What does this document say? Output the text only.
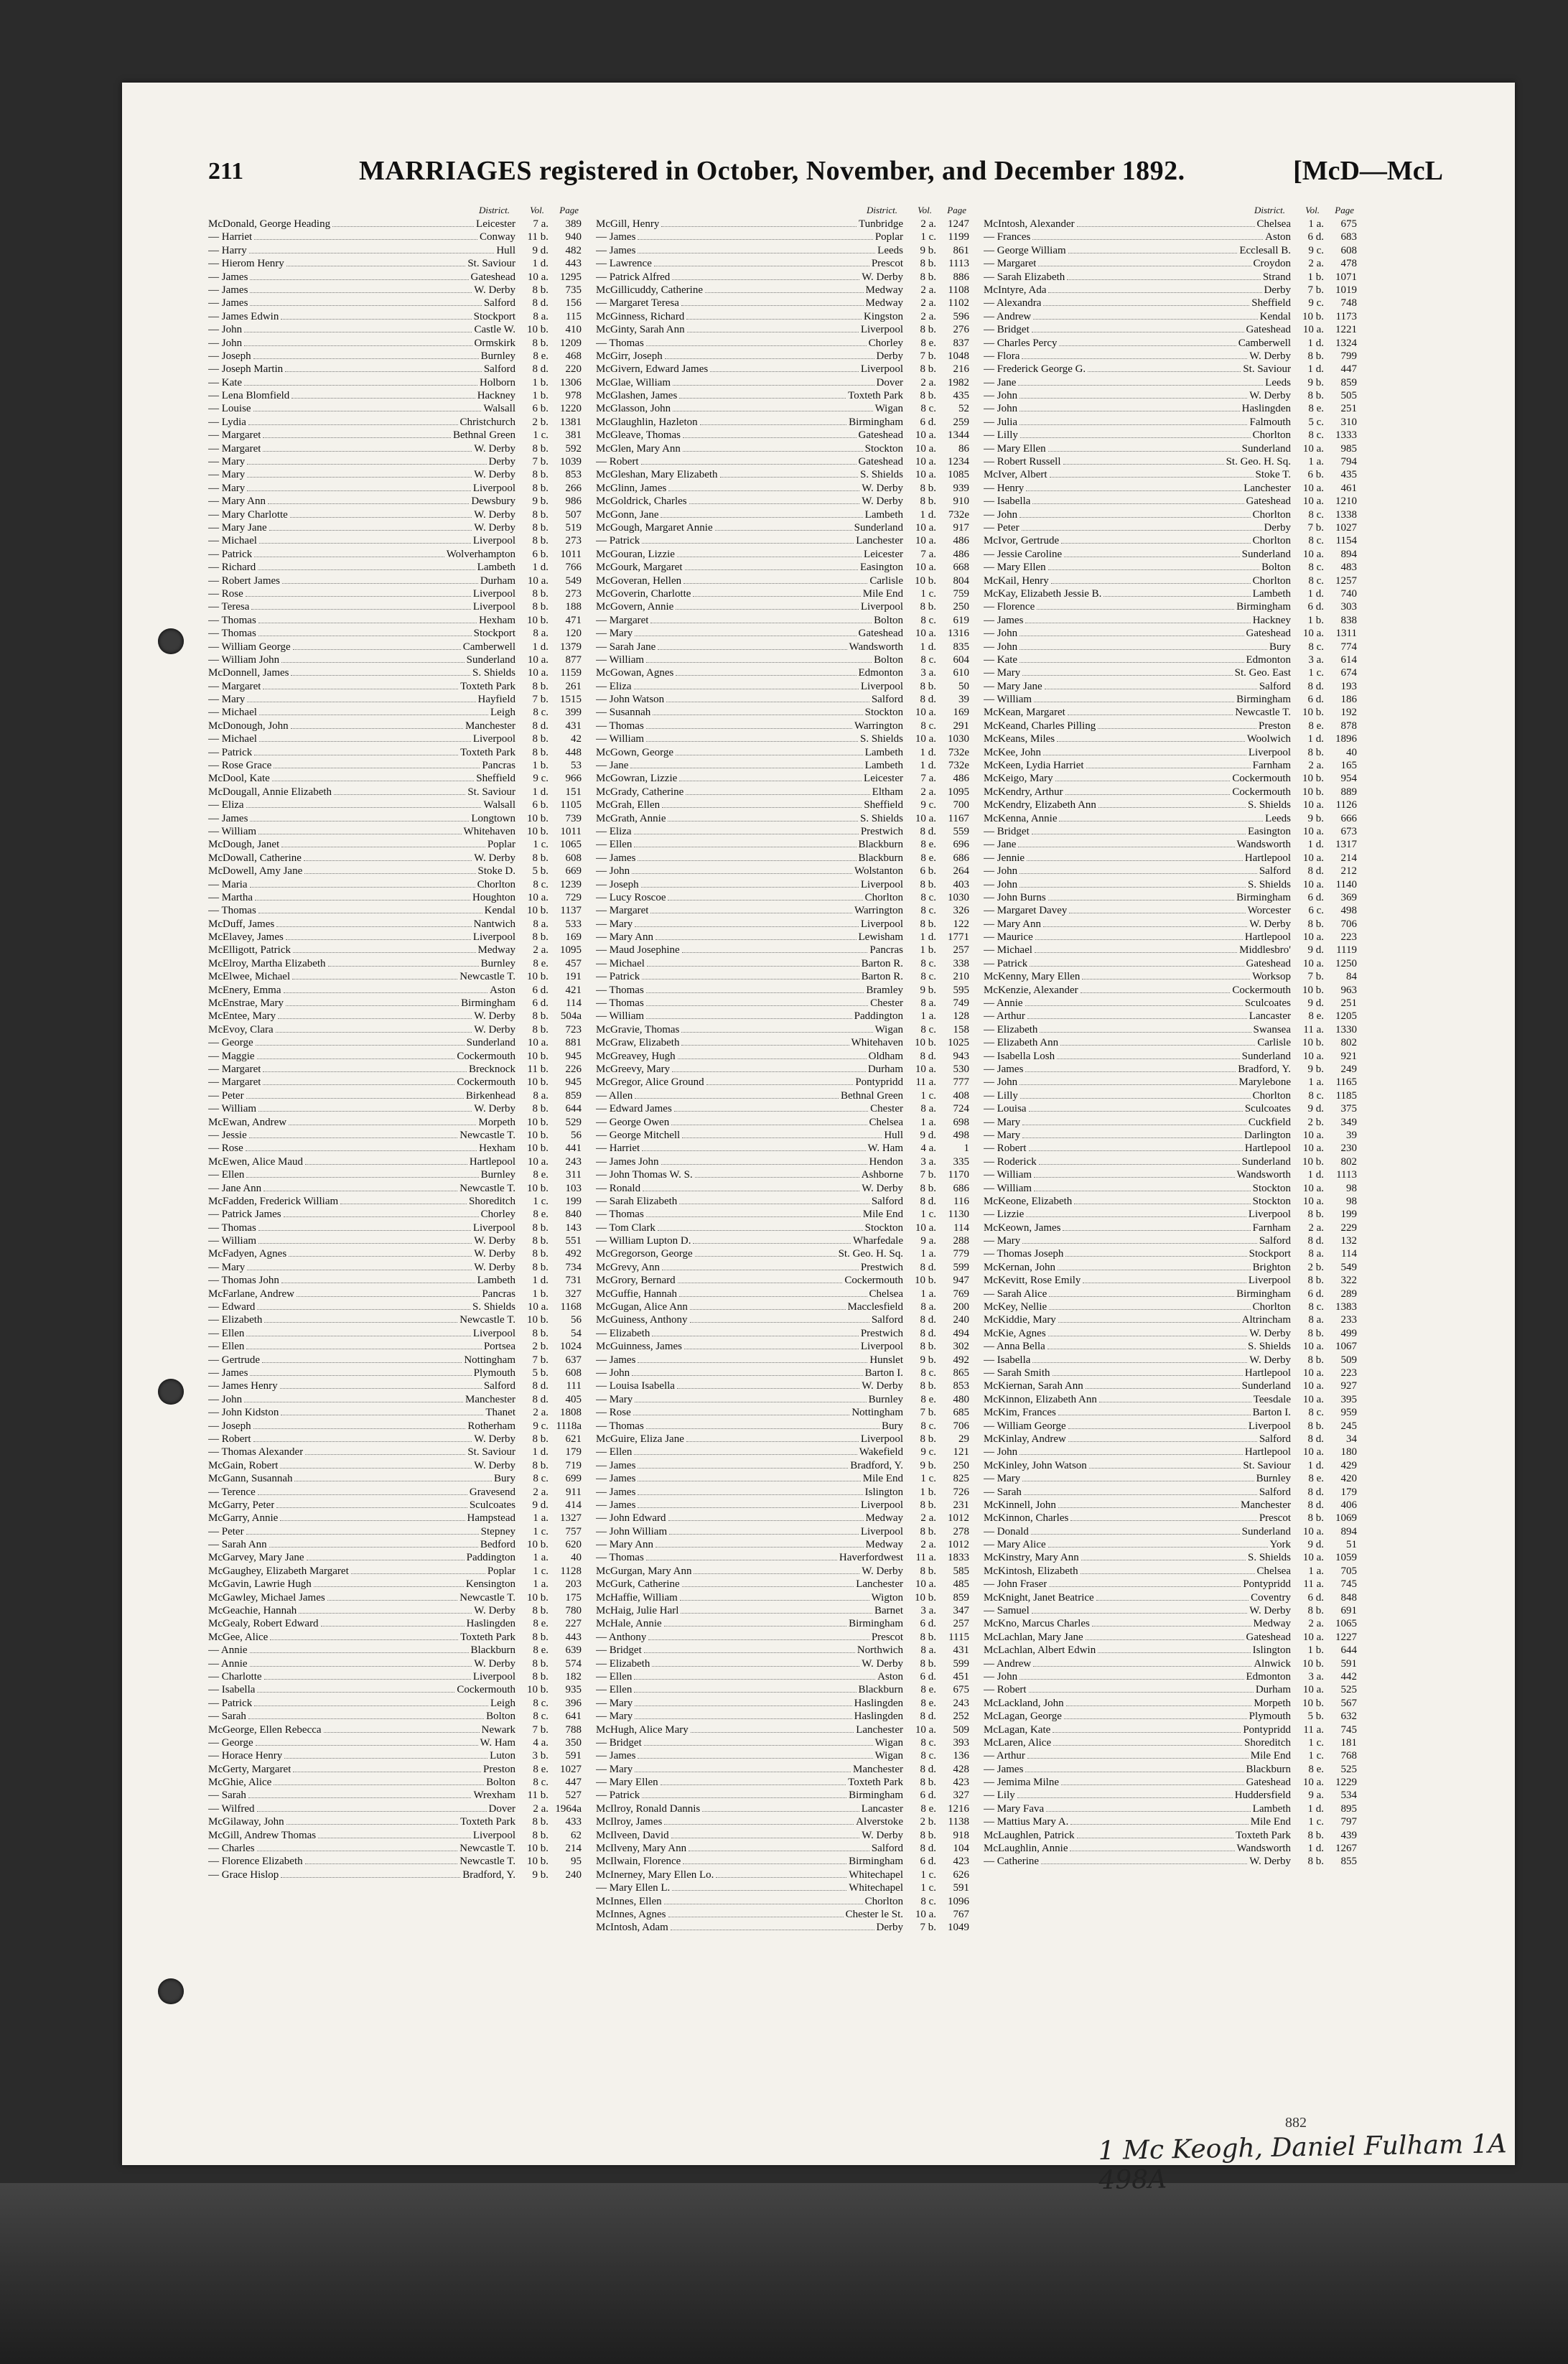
211	MARRIAGES registered in October, November, and December 1892.	[McD—McL
District. Vol. Page
McDonald, George Heading	Leicester	7 a.	389
— Harriet	Conway	11 b.	940
— Harry	Hull	9 d.	482
— Hierom Henry	St. Saviour	1 d.	443
— James	Gateshead	10 a.	1295
— James	W. Derby	8 b.	735
— James	Salford	8 d.	156
— James Edwin	Stockport	8 a.	115
— John	Castle W.	10 b.	410
— John	Ormskirk	8 b.	1209
— Joseph	Burnley	8 e.	468
— Joseph Martin	Salford	8 d.	220
— Kate	Holborn	1 b.	1306
— Lena Blomfield	Hackney	1 b.	978
— Louise	Walsall	6 b.	1220
— Lydia	Christchurch	2 b.	1381
— Margaret	Bethnal Green	1 c.	381
— Margaret	W. Derby	8 b.	592
— Mary	Derby	7 b.	1039
— Mary	W. Derby	8 b.	853
— Mary	Liverpool	8 b.	266
— Mary Ann	Dewsbury	9 b.	986
— Mary Charlotte	W. Derby	8 b.	507
— Mary Jane	W. Derby	8 b.	519
— Michael	Liverpool	8 b.	273
— Patrick	Wolverhampton	6 b.	1011
— Richard	Lambeth	1 d.	766
— Robert James	Durham	10 a.	549
— Rose	Liverpool	8 b.	273
— Teresa	Liverpool	8 b.	188
— Thomas	Hexham	10 b.	471
— Thomas	Stockport	8 a.	120
— William George	Camberwell	1 d.	1379
— William John	Sunderland	10 a.	877
McDonnell, James	S. Shields	10 a.	1159
— Margaret	Toxteth Park	8 b.	261
— Mary	Hayfield	7 b.	1515
— Michael	Leigh	8 c.	399
McDonough, John	Manchester	8 d.	431
— Michael	Liverpool	8 b.	42
— Patrick	Toxteth Park	8 b.	448
— Rose Grace	Pancras	1 b.	53
McDool, Kate	Sheffield	9 c.	966
McDougall, Annie Elizabeth	St. Saviour	1 d.	151
— Eliza	Walsall	6 b.	1105
— James	Longtown	10 b.	739
— William	Whitehaven	10 b.	1011
McDough, Janet	Poplar	1 c.	1065
McDowall, Catherine	W. Derby	8 b.	608
McDowell, Amy Jane	Stoke D.	5 b.	669
— Maria	Chorlton	8 c.	1239
— Martha	Houghton	10 a.	729
— Thomas	Kendal	10 b.	1137
McDuff, James	Nantwich	8 a.	533
McElavey, James	Liverpool	8 b.	169
McElligott, Patrick	Medway	2 a.	1095
McElroy, Martha Elizabeth	Burnley	8 e.	457
McElwee, Michael	Newcastle T.	10 b.	191
McEnery, Emma	Aston	6 d.	421
McEnstrae, Mary	Birmingham	6 d.	114
McEntee, Mary	W. Derby	8 b.	504a
McEvoy, Clara	W. Derby	8 b.	723
— George	Sunderland	10 a.	881
— Maggie	Cockermouth	10 b.	945
— Margaret	Brecknock	11 b.	226
— Margaret	Cockermouth	10 b.	945
— Peter	Birkenhead	8 a.	859
— William	W. Derby	8 b.	644
McEwan, Andrew	Morpeth	10 b.	529
— Jessie	Newcastle T.	10 b.	56
— Rose	Hexham	10 b.	441
McEwen, Alice Maud	Hartlepool	10 a.	243
— Ellen	Burnley	8 e.	311
— Jane Ann	Newcastle T.	10 b.	103
McFadden, Frederick William	Shoreditch	1 c.	199
— Patrick James	Chorley	8 e.	840
— Thomas	Liverpool	8 b.	143
— William	W. Derby	8 b.	551
McFadyen, Agnes	W. Derby	8 b.	492
— Mary	W. Derby	8 b.	734
— Thomas John	Lambeth	1 d.	731
McFarlane, Andrew	Pancras	1 b.	327
— Edward	S. Shields	10 a.	1168
— Elizabeth	Newcastle T.	10 b.	56
— Ellen	Liverpool	8 b.	54
— Ellen	Portsea	2 b.	1024
— Gertrude	Nottingham	7 b.	637
— James	Plymouth	5 b.	608
— James Henry	Salford	8 d.	111
— John	Manchester	8 d.	405
— John Kidston	Thanet	2 a.	1808
— Joseph	Rotherham	9 c. 1118a
— Robert	W. Derby	8 b.	621
— Thomas Alexander	St. Saviour	1 d.	179
McGain, Robert	W. Derby	8 b.	719
McGann, Susannah	Bury	8 c.	699
— Terence	Gravesend	2 a.	911
McGarry, Peter	Sculcoates	9 d.	414
McGarry, Annie	Hampstead	1 a.	1327
— Peter	Stepney	1 c.	757
— Sarah Ann	Bedford	10 b.	620
McGarvey, Mary Jane	Paddington	1 a.	40
McGaughey, Elizabeth Margaret	Poplar	1 c.	1128
McGavin, Lawrie Hugh	Kensington	1 a.	203
McGawley, Michael James	Newcastle T.	10 b.	175
McGeachie, Hannah	W. Derby	8 b.	780
McGealy, Robert Edward	Haslingden	8 e.	227
McGee, Alice	Toxteth Park	8 b.	443
— Annie	Blackburn	8 e.	639
— Annie	W. Derby	8 b.	574
— Charlotte	Liverpool	8 b.	182
— Isabella	Cockermouth	10 b.	935
— Patrick	Leigh	8 c.	396
— Sarah	Bolton	8 c.	641
McGeorge, Ellen Rebecca	Newark	7 b.	788
— George	W. Ham	4 a.	350
— Horace Henry	Luton	3 b.	591
McGerty, Margaret	Preston	8 e.	1027
McGhie, Alice	Bolton	8 c.	447
— Sarah	Wrexham	11 b.	527
— Wilfred	Dover	2 a. 1964a
McGilaway, John	Toxteth Park	8 b.	433
McGill, Andrew Thomas	Liverpool	8 b.	62
— Charles	Newcastle T.	10 b.	214
— Florence Elizabeth	Newcastle T.	10 b.	95
— Grace Hislop	Bradford, Y.	9 b.	240
District. Vol. Page
McGill, Henry	Tunbridge	2 a.	1247
— James	Poplar	1 c.	1199
— James	Leeds	9 b.	861
— Lawrence	Prescot	8 b.	1113
— Patrick Alfred	W. Derby	8 b.	886
McGillicuddy, Catherine	Medway	2 a.	1108
— Margaret Teresa	Medway	2 a.	1102
McGinness, Richard	Kingston	2 a.	596
McGinty, Sarah Ann	Liverpool	8 b.	276
— Thomas	Chorley	8 e.	837
McGirr, Joseph	Derby	7 b.	1048
McGivern, Edward James	Liverpool	8 b.	216
McGlae, William	Dover	2 a.	1982
McGlashen, James	Toxteth Park	8 b.	435
McGlasson, John	Wigan	8 c.	52
McGlaughlin, Hazleton	Birmingham	6 d.	259
McGleave, Thomas	Gateshead	10 a.	1344
McGlen, Mary Ann	Stockton	10 a.	86
— Robert	Gateshead	10 a.	1234
McGleshan, Mary Elizabeth	S. Shields	10 a.	1085
McGlinn, James	W. Derby	8 b.	939
McGoldrick, Charles	W. Derby	8 b.	910
McGonn, Jane	Lambeth	1 d.	732e
McGough, Margaret Annie	Sunderland	10 a.	917
— Patrick	Lanchester	10 a.	486
McGouran, Lizzie	Leicester	7 a.	486
McGourk, Margaret	Easington	10 a.	668
McGoveran, Hellen	Carlisle	10 b.	804
McGoverin, Charlotte	Mile End	1 c.	759
McGovern, Annie	Liverpool	8 b.	250
— Margaret	Bolton	8 c.	619
— Mary	Gateshead	10 a.	1316
— Sarah Jane	Wandsworth	1 d.	835
— William	Bolton	8 c.	604
McGowan, Agnes	Edmonton	3 a.	610
— Eliza	Liverpool	8 b.	50
— John Watson	Salford	8 d.	39
— Susannah	Stockton	10 a.	169
— Thomas	Warrington	8 c.	291
— William	S. Shields	10 a.	1030
McGown, George	Lambeth	1 d.	732e
— Jane	Lambeth	1 d.	732e
McGowran, Lizzie	Leicester	7 a.	486
McGrady, Catherine	Eltham	2 a.	1095
McGrah, Ellen	Sheffield	9 c.	700
McGrath, Annie	S. Shields	10 a.	1167
— Eliza	Prestwich	8 d.	559
— Ellen	Blackburn	8 e.	696
— James	Blackburn	8 e.	686
— John	Wolstanton	6 b.	264
— Joseph	Liverpool	8 b.	403
— Lucy Roscoe	Chorlton	8 c.	1030
— Margaret	Warrington	8 c.	326
— Mary	Liverpool	8 b.	122
— Mary Ann	Lewisham	1 d.	1771
— Maud Josephine	Pancras	1 b.	257
— Michael	Barton R.	8 c.	338
— Patrick	Barton R.	8 c.	210
— Thomas	Bramley	9 b.	595
— Thomas	Chester	8 a.	749
— William	Paddington	1 a.	128
McGravie, Thomas	Wigan	8 c.	158
McGraw, Elizabeth	Whitehaven	10 b.	1025
McGreavey, Hugh	Oldham	8 d.	943
McGreevy, Mary	Durham	10 a.	530
McGregor, Alice Ground	Pontypridd	11 a.	777
— Allen	Bethnal Green	1 c.	408
— Edward James	Chester	8 a.	724
— George Owen	Chelsea	1 a.	698
— George Mitchell	Hull	9 d.	498
— Harriet	W. Ham	4 a.	1
— James John	Hendon	3 a.	335
— John Thomas W. S.	Ashborne	7 b.	1170
— Ronald	W. Derby	8 b.	686
— Sarah Elizabeth	Salford	8 d.	116
— Thomas	Mile End	1 c.	1130
— Tom Clark	Stockton	10 a.	114
— William Lupton D.	Wharfedale	9 a.	288
McGregorson, George	St. Geo. H. Sq.	1 a.	779
McGrevy, Ann	Prestwich	8 d.	599
McGrory, Bernard	Cockermouth	10 b.	947
McGuffie, Hannah	Chelsea	1 a.	769
McGugan, Alice Ann	Macclesfield	8 a.	200
McGuiness, Anthony	Salford	8 d.	240
— Elizabeth	Prestwich	8 d.	494
McGuinness, James	Liverpool	8 b.	302
— James	Hunslet	9 b.	492
— John	Barton I.	8 c.	865
— Louisa Isabella	W. Derby	8 b.	853
— Mary	Burnley	8 e.	480
— Rose	Nottingham	7 b.	685
— Thomas	Bury	8 c.	706
McGuire, Eliza Jane	Liverpool	8 b.	29
— Ellen	Wakefield	9 c.	121
— James	Bradford, Y.	9 b.	250
— James	Mile End	1 c.	825
— James	Islington	1 b.	726
— James	Liverpool	8 b.	231
— John Edward	Medway	2 a.	1012
— John William	Liverpool	8 b.	278
— Mary Ann	Medway	2 a.	1012
— Thomas	Haverfordwest	11 a.	1833
McGurgan, Mary Ann	W. Derby	8 b.	585
McGurk, Catherine	Lanchester	10 a.	485
McHaffie, William	Wigton	10 b.	859
McHaig, Julie Harl	Barnet	3 a.	347
McHale, Annie	Birmingham	6 d.	257
— Anthony	Prescot	8 b.	1115
— Bridget	Northwich	8 a.	431
— Elizabeth	W. Derby	8 b.	599
— Ellen	Aston	6 d.	451
— Ellen	Blackburn	8 e.	675
— Mary	Haslingden	8 e.	243
— Mary	Haslingden	8 d.	252
McHugh, Alice Mary	Lanchester	10 a.	509
— Bridget	Wigan	8 c.	393
— James	Wigan	8 c.	136
— Mary	Manchester	8 d.	428
— Mary Ellen	Toxteth Park	8 b.	423
— Patrick	Birmingham	6 d.	327
McIlroy, Ronald Dannis	Lancaster	8 e.	1216
McIlroy, James	Alverstoke	2 b.	1138
McIlveen, David	W. Derby	8 b.	918
McIlveny, Mary Ann	Salford	8 d.	104
McIlwain, Florence	Birmingham	6 d.	423
McInerney, Mary Ellen Lo.	Whitechapel	1 c.	626
— Mary Ellen L.	Whitechapel	1 c.	591
McInnes, Ellen	Chorlton	8 c.	1096
McInnes, Agnes	Chester le St.	10 a.	767
McIntosh, Adam	Derby	7 b.	1049
District. Vol. Page
McIntosh, Alexander	Chelsea	1 a.	675
— Frances	Aston	6 d.	683
— George William	Ecclesall B.	9 c.	608
— Margaret	Croydon	2 a.	478
— Sarah Elizabeth	Strand	1 b.	1071
McIntyre, Ada	Derby	7 b.	1019
— Alexandra	Sheffield	9 c.	748
— Andrew	Kendal	10 b.	1173
— Bridget	Gateshead	10 a.	1221
— Charles Percy	Camberwell	1 d.	1324
— Flora	W. Derby	8 b.	799
— Frederick George G.	St. Saviour	1 d.	447
— Jane	Leeds	9 b.	859
— John	W. Derby	8 b.	505
— John	Haslingden	8 e.	251
— Julia	Falmouth	5 c.	310
— Lilly	Chorlton	8 c.	1333
— Mary Ellen	Sunderland	10 a.	985
— Robert Russell	St. Geo. H. Sq.	1 a.	794
McIver, Albert	Stoke T.	6 b.	435
— Henry	Lanchester	10 a.	461
— Isabella	Gateshead	10 a.	1210
— John	Chorlton	8 c.	1338
— Peter	Derby	7 b.	1027
McIvor, Gertrude	Chorlton	8 c.	1154
— Jessie Caroline	Sunderland	10 a.	894
— Mary Ellen	Bolton	8 c.	483
McKail, Henry	Chorlton	8 c.	1257
McKay, Elizabeth Jessie B.	Lambeth	1 d.	740
— Florence	Birmingham	6 d.	303
— James	Hackney	1 b.	838
— John	Gateshead	10 a.	1311
— John	Bury	8 c.	774
— Kate	Edmonton	3 a.	614
— Mary	St. Geo. East	1 c.	674
— Mary Jane	Salford	8 d.	193
— William	Birmingham	6 d.	186
McKean, Margaret	Newcastle T.	10 b.	192
McKeand, Charles Pilling	Preston	8 e.	878
McKeans, Miles	Woolwich	1 d.	1896
McKee, John	Liverpool	8 b.	40
McKeen, Lydia Harriet	Farnham	2 a.	165
McKeigo, Mary	Cockermouth	10 b.	954
McKendry, Arthur	Cockermouth	10 b.	889
McKendry, Elizabeth Ann	S. Shields	10 a.	1126
McKenna, Annie	Leeds	9 b.	666
— Bridget	Easington	10 a.	673
— Jane	Wandsworth	1 d.	1317
— Jennie	Hartlepool	10 a.	214
— John	Salford	8 d.	212
— John	S. Shields	10 a.	1140
— John Burns	Birmingham	6 d.	369
— Margaret Davey	Worcester	6 c.	498
— Mary Ann	W. Derby	8 b.	706
— Maurice	Hartlepool	10 a.	223
— Michael	Middlesbro'	9 d.	1119
— Patrick	Gateshead	10 a.	1250
McKenny, Mary Ellen	Worksop	7 b.	84
McKenzie, Alexander	Cockermouth	10 b.	963
— Annie	Sculcoates	9 d.	251
— Arthur	Lancaster	8 e.	1205
— Elizabeth	Swansea	11 a.	1330
— Elizabeth Ann	Carlisle	10 b.	802
— Isabella Losh	Sunderland	10 a.	921
— James	Bradford, Y.	9 b.	249
— John	Marylebone	1 a.	1165
— Lilly	Chorlton	8 c.	1185
— Louisa	Sculcoates	9 d.	375
— Mary	Cuckfield	2 b.	349
— Mary	Darlington	10 a.	39
— Robert	Hartlepool	10 a.	230
— Roderick	Sunderland	10 b.	802
— William	Wandsworth	1 d.	1113
— William	Stockton	10 a.	98
McKeone, Elizabeth	Stockton	10 a.	98
— Lizzie	Liverpool	8 b.	199
McKeown, James	Farnham	2 a.	229
— Mary	Salford	8 d.	132
— Thomas Joseph	Stockport	8 a.	114
McKernan, John	Brighton	2 b.	549
McKevitt, Rose Emily	Liverpool	8 b.	322
— Sarah Alice	Birmingham	6 d.	289
McKey, Nellie	Chorlton	8 c.	1383
McKiddie, Mary	Altrincham	8 a.	233
McKie, Agnes	W. Derby	8 b.	499
— Anna Bella	S. Shields	10 a.	1067
— Isabella	W. Derby	8 b.	509
— Sarah Smith	Hartlepool	10 a.	223
McKiernan, Sarah Ann	Sunderland	10 a.	927
McKinnon, Elizabeth Ann	Teesdale	10 a.	395
McKim, Frances	Barton I.	8 c.	959
— William George	Liverpool	8 b.	245
McKinlay, Andrew	Salford	8 d.	34
— John	Hartlepool	10 a.	180
McKinley, John Watson	St. Saviour	1 d.	429
— Mary	Burnley	8 e.	420
— Sarah	Salford	8 d.	179
McKinnell, John	Manchester	8 d.	406
McKinnon, Charles	Prescot	8 b.	1069
— Donald	Sunderland	10 a.	894
— Mary Alice	York	9 d.	51
McKinstry, Mary Ann	S. Shields	10 a.	1059
McKintosh, Elizabeth	Chelsea	1 a.	705
— John Fraser	Pontypridd	11 a.	745
McKnight, Janet Beatrice	Coventry	6 d.	848
— Samuel	W. Derby	8 b.	691
McKno, Marcus Charles	Medway	2 a.	1065
McLachlan, Mary Jane	Gateshead	10 a.	1227
McLachlan, Albert Edwin	Islington	1 b.	644
— Andrew	Alnwick	10 b.	591
— John	Edmonton	3 a.	442
— Robert	Durham	10 a.	525
McLackland, John	Morpeth	10 b.	567
McLagan, George	Plymouth	5 b.	632
McLagan, Kate	Pontypridd	11 a.	745
McLaren, Alice	Shoreditch	1 c.	181
— Arthur	Mile End	1 c.	768
— James	Blackburn	8 e.	525
— Jemima Milne	Gateshead	10 a.	1229
— Lily	Huddersfield	9 a.	534
— Mary Fava	Lambeth	1 d.	895
— Mattius Mary A.	Mile End	1 c.	797
McLaughlen, Patrick	Toxteth Park	8 b.	439
McLaughlin, Annie	Wandsworth	1 d.	1267
— Catherine	W. Derby	8 b.	855
882
1 Mc Keogh, Daniel Fulham 1A 498A
